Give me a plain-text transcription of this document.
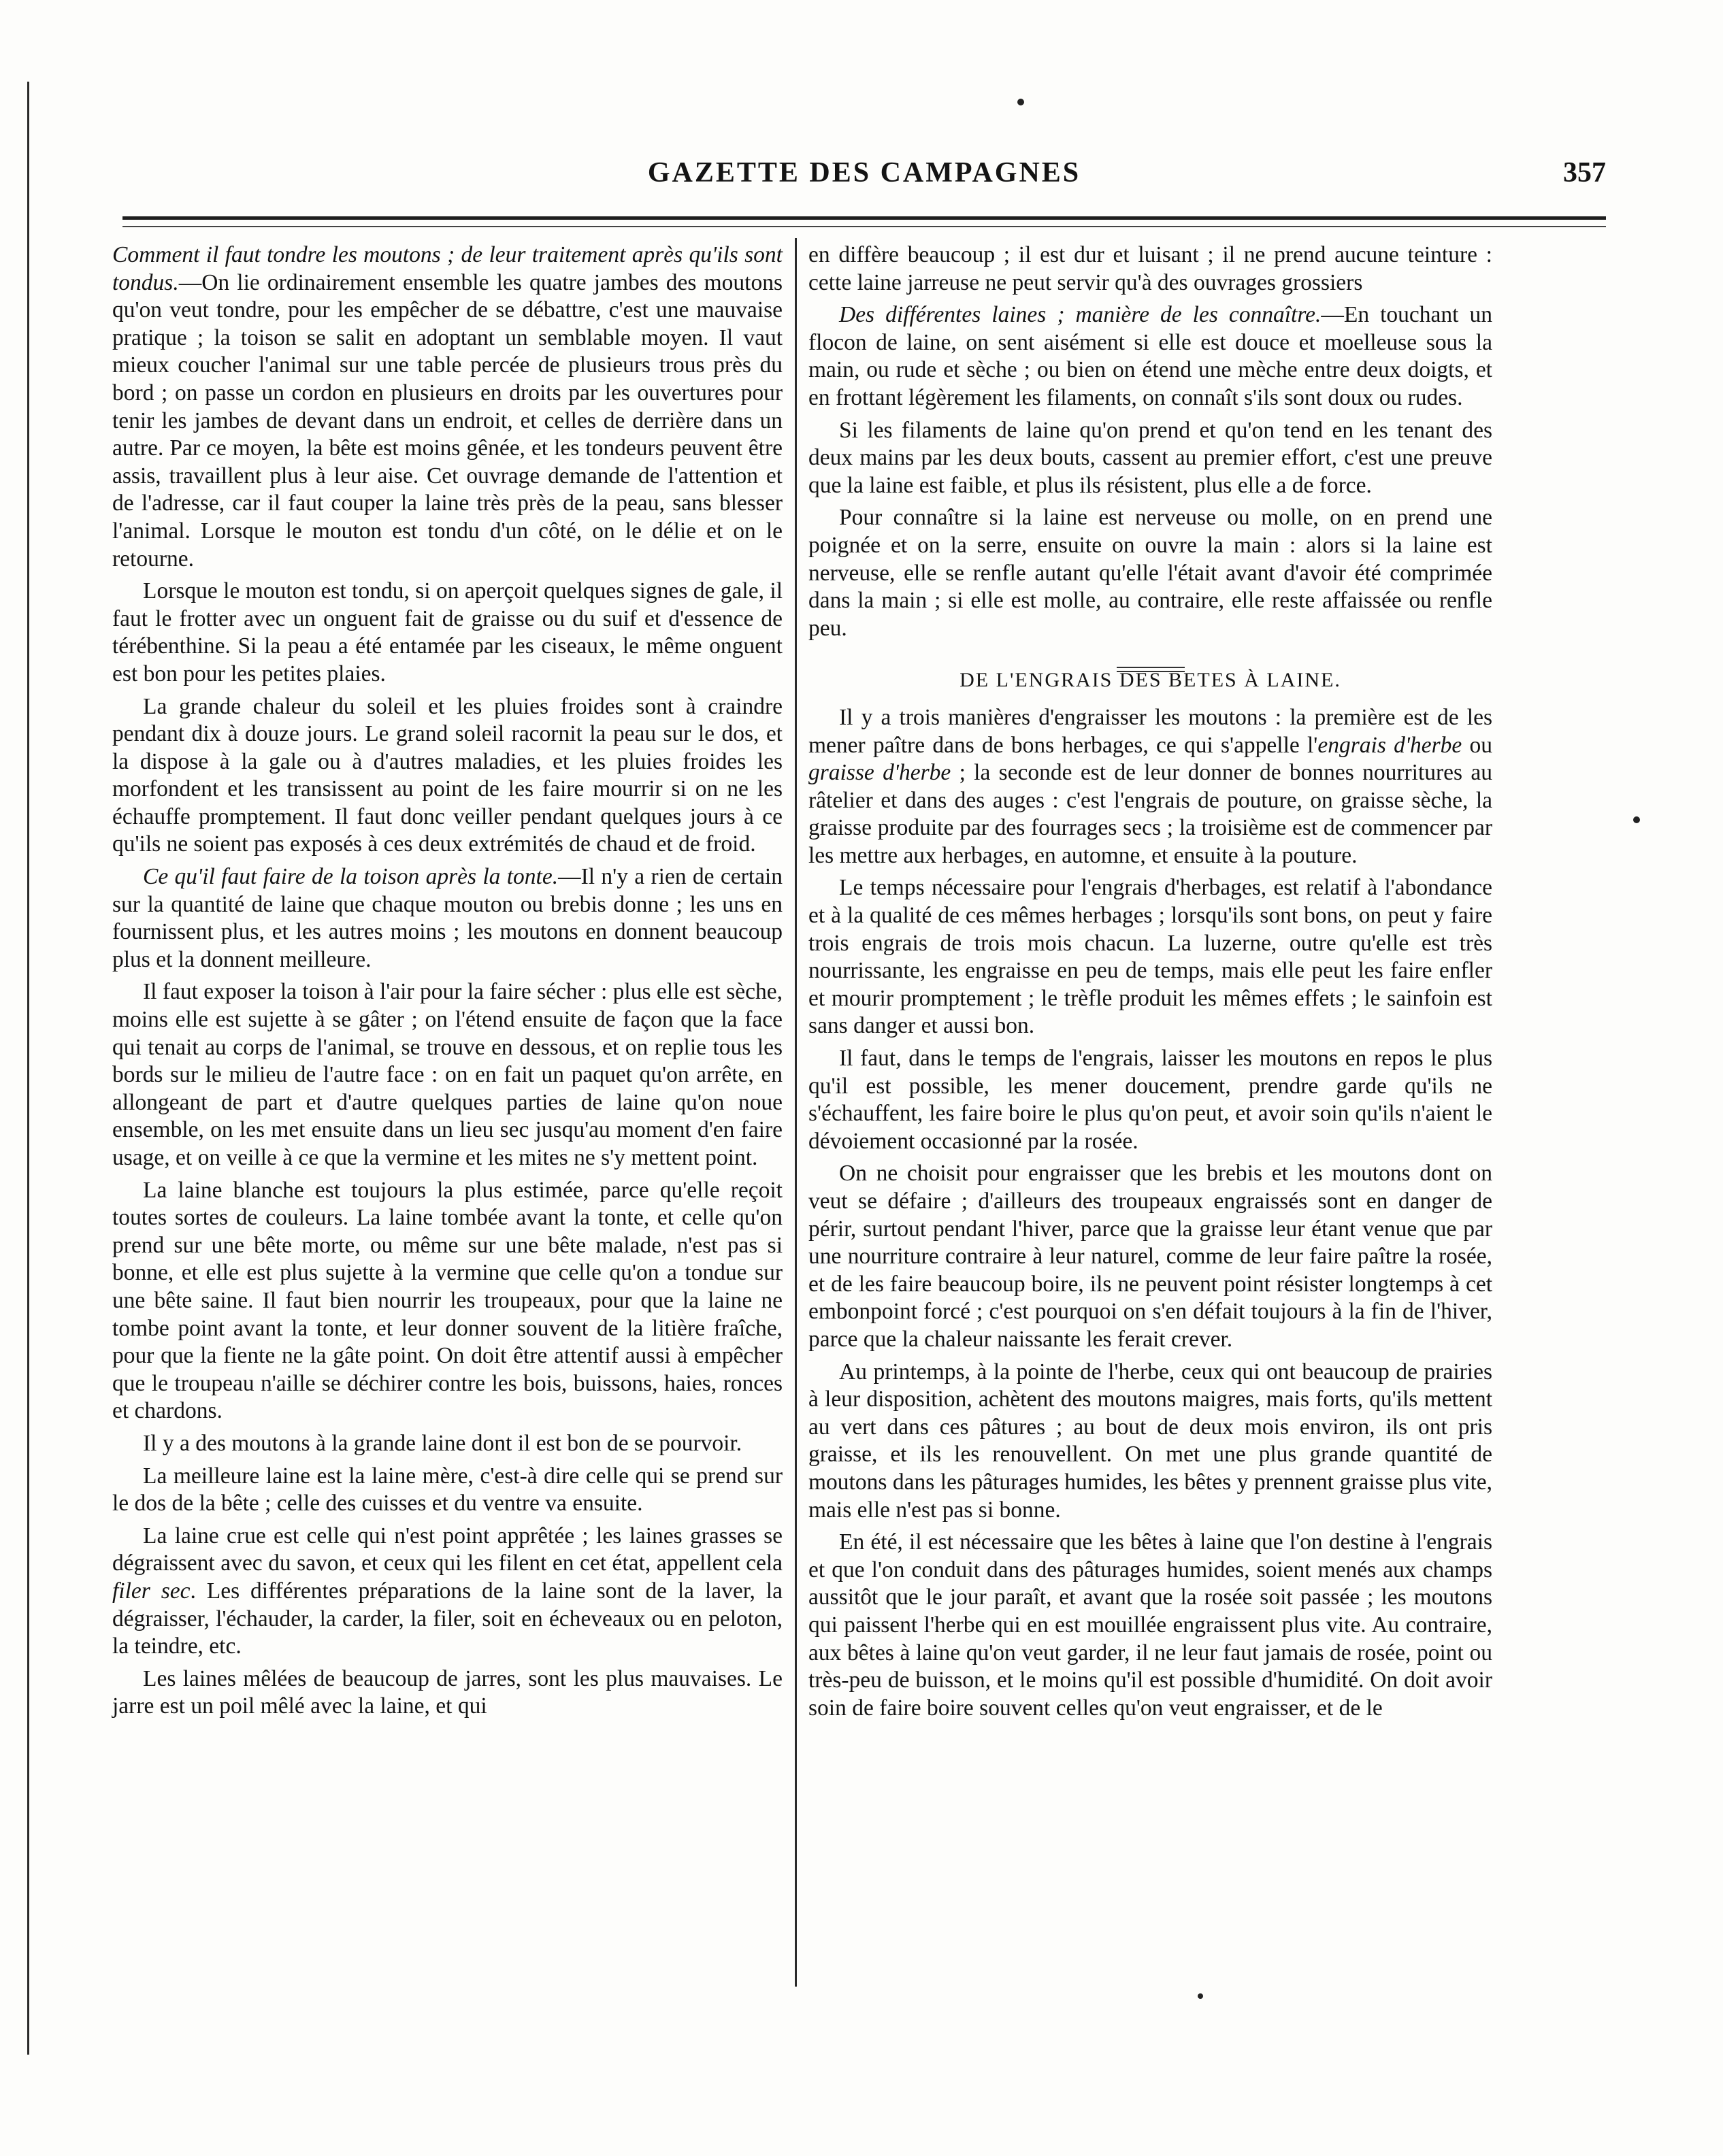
GAZETTE DES CAMPAGNES	357

Comment il faut tondre les moutons ; de leur traitement après qu'ils sont tondus.—On lie ordinairement ensemble les quatre jambes des moutons qu'on veut tondre, pour les empêcher de se débattre, c'est une mauvaise pratique ; la toison se salit en adoptant un semblable moyen. Il vaut mieux coucher l'animal sur une table percée de plusieurs trous près du bord ; on passe un cordon en plusieurs en droits par les ouvertures pour tenir les jambes de devant dans un endroit, et celles de derrière dans un autre. Par ce moyen, la bête est moins gênée, et les tondeurs peuvent être assis, travaillent plus à leur aise. Cet ouvrage demande de l'attention et de l'adresse, car il faut couper la laine très près de la peau, sans blesser l'animal. Lorsque le mouton est tondu d'un côté, on le délie et on le retourne.

Lorsque le mouton est tondu, si on aperçoit quelques signes de gale, il faut le frotter avec un onguent fait de graisse ou du suif et d'essence de térébenthine. Si la peau a été entamée par les ciseaux, le même onguent est bon pour les petites plaies.

La grande chaleur du soleil et les pluies froides sont à craindre pendant dix à douze jours. Le grand soleil racornit la peau sur le dos, et la dispose à la gale ou à d'autres maladies, et les pluies froides les morfondent et les transissent au point de les faire mourrir si on ne les échauffe promptement. Il faut donc veiller pendant quelques jours à ce qu'ils ne soient pas exposés à ces deux extrémités de chaud et de froid.

Ce qu'il faut faire de la toison après la tonte.—Il n'y a rien de certain sur la quantité de laine que chaque mouton ou brebis donne ; les uns en fournissent plus, et les autres moins ; les moutons en donnent beaucoup plus et la donnent meilleure.

Il faut exposer la toison à l'air pour la faire sécher : plus elle est sèche, moins elle est sujette à se gâter ; on l'étend ensuite de façon que la face qui tenait au corps de l'animal, se trouve en dessous, et on replie tous les bords sur le milieu de l'autre face : on en fait un paquet qu'on arrête, en allongeant de part et d'autre quelques parties de laine qu'on noue ensemble, on les met ensuite dans un lieu sec jusqu'au moment d'en faire usage, et on veille à ce que la vermine et les mites ne s'y mettent point.

La laine blanche est toujours la plus estimée, parce qu'elle reçoit toutes sortes de couleurs. La laine tombée avant la tonte, et celle qu'on prend sur une bête morte, ou même sur une bête malade, n'est pas si bonne, et elle est plus sujette à la vermine que celle qu'on a tondue sur une bête saine. Il faut bien nourrir les troupeaux, pour que la laine ne tombe point avant la tonte, et leur donner souvent de la litière fraîche, pour que la fiente ne la gâte point. On doit être attentif aussi à empêcher que le troupeau n'aille se déchirer contre les bois, buissons, haies, ronces et chardons.

Il y a des moutons à la grande laine dont il est bon de se pourvoir.

La meilleure laine est la laine mère, c'est-à dire celle qui se prend sur le dos de la bête ; celle des cuisses et du ventre va ensuite.

La laine crue est celle qui n'est point apprêtée ; les laines grasses se dégraissent avec du savon, et ceux qui les filent en cet état, appellent cela filer sec. Les différentes préparations de la laine sont de la laver, la dégraisser, l'échauder, la carder, la filer, soit en écheveaux ou en peloton, la teindre, etc.

Les laines mêlées de beaucoup de jarres, sont les plus mauvaises. Le jarre est un poil mêlé avec la laine, et qui

en diffère beaucoup ; il est dur et luisant ; il ne prend aucune teinture : cette laine jarreuse ne peut servir qu'à des ouvrages grossiers

Des différentes laines ; manière de les connaître.—En touchant un flocon de laine, on sent aisément si elle est douce et moelleuse sous la main, ou rude et sèche ; ou bien on étend une mèche entre deux doigts, et en frottant légèrement les filaments, on connaît s'ils sont doux ou rudes.

Si les filaments de laine qu'on prend et qu'on tend en les tenant des deux mains par les deux bouts, cassent au premier effort, c'est une preuve que la laine est faible, et plus ils résistent, plus elle a de force.

Pour connaître si la laine est nerveuse ou molle, on en prend une poignée et on la serre, ensuite on ouvre la main : alors si la laine est nerveuse, elle se renfle autant qu'elle l'était avant d'avoir été comprimée dans la main ; si elle est molle, au contraire, elle reste affaissée ou renfle peu.

DE L'ENGRAIS DES BETES À LAINE.

Il y a trois manières d'engraisser les moutons : la première est de les mener paître dans de bons herbages, ce qui s'appelle l'engrais d'herbe ou graisse d'herbe ; la seconde est de leur donner de bonnes nourritures au râtelier et dans des auges : c'est l'engrais de pouture, on graisse sèche, la graisse produite par des fourrages secs ; la troisième est de commencer par les mettre aux herbages, en automne, et ensuite à la pouture.

Le temps nécessaire pour l'engrais d'herbages, est relatif à l'abondance et à la qualité de ces mêmes herbages ; lorsqu'ils sont bons, on peut y faire trois engrais de trois mois chacun. La luzerne, outre qu'elle est très nourrissante, les engraisse en peu de temps, mais elle peut les faire enfler et mourir promptement ; le trèfle produit les mêmes effets ; le sainfoin est sans danger et aussi bon.

Il faut, dans le temps de l'engrais, laisser les moutons en repos le plus qu'il est possible, les mener doucement, prendre garde qu'ils ne s'échauffent, les faire boire le plus qu'on peut, et avoir soin qu'ils n'aient le dévoiement occasionné par la rosée.

On ne choisit pour engraisser que les brebis et les moutons dont on veut se défaire ; d'ailleurs des troupeaux engraissés sont en danger de périr, surtout pendant l'hiver, parce que la graisse leur étant venue que par une nourriture contraire à leur naturel, comme de leur faire paître la rosée, et de les faire beaucoup boire, ils ne peuvent point résister longtemps à cet embonpoint forcé ; c'est pourquoi on s'en défait toujours à la fin de l'hiver, parce que la chaleur naissante les ferait crever.

Au printemps, à la pointe de l'herbe, ceux qui ont beaucoup de prairies à leur disposition, achètent des moutons maigres, mais forts, qu'ils mettent au vert dans ces pâtures ; au bout de deux mois environ, ils ont pris graisse, et ils les renouvellent. On met une plus grande quantité de moutons dans les pâturages humides, les bêtes y prennent graisse plus vite, mais elle n'est pas si bonne.

En été, il est nécessaire que les bêtes à laine que l'on destine à l'engrais et que l'on conduit dans des pâturages humides, soient menés aux champs aussitôt que le jour paraît, et avant que la rosée soit passée ; les moutons qui paissent l'herbe qui en est mouillée engraissent plus vite. Au contraire, aux bêtes à laine qu'on veut garder, il ne leur faut jamais de rosée, point ou très-peu de buisson, et le moins qu'il est possible d'humidité. On doit avoir soin de faire boire souvent celles qu'on veut engraisser, et de le
